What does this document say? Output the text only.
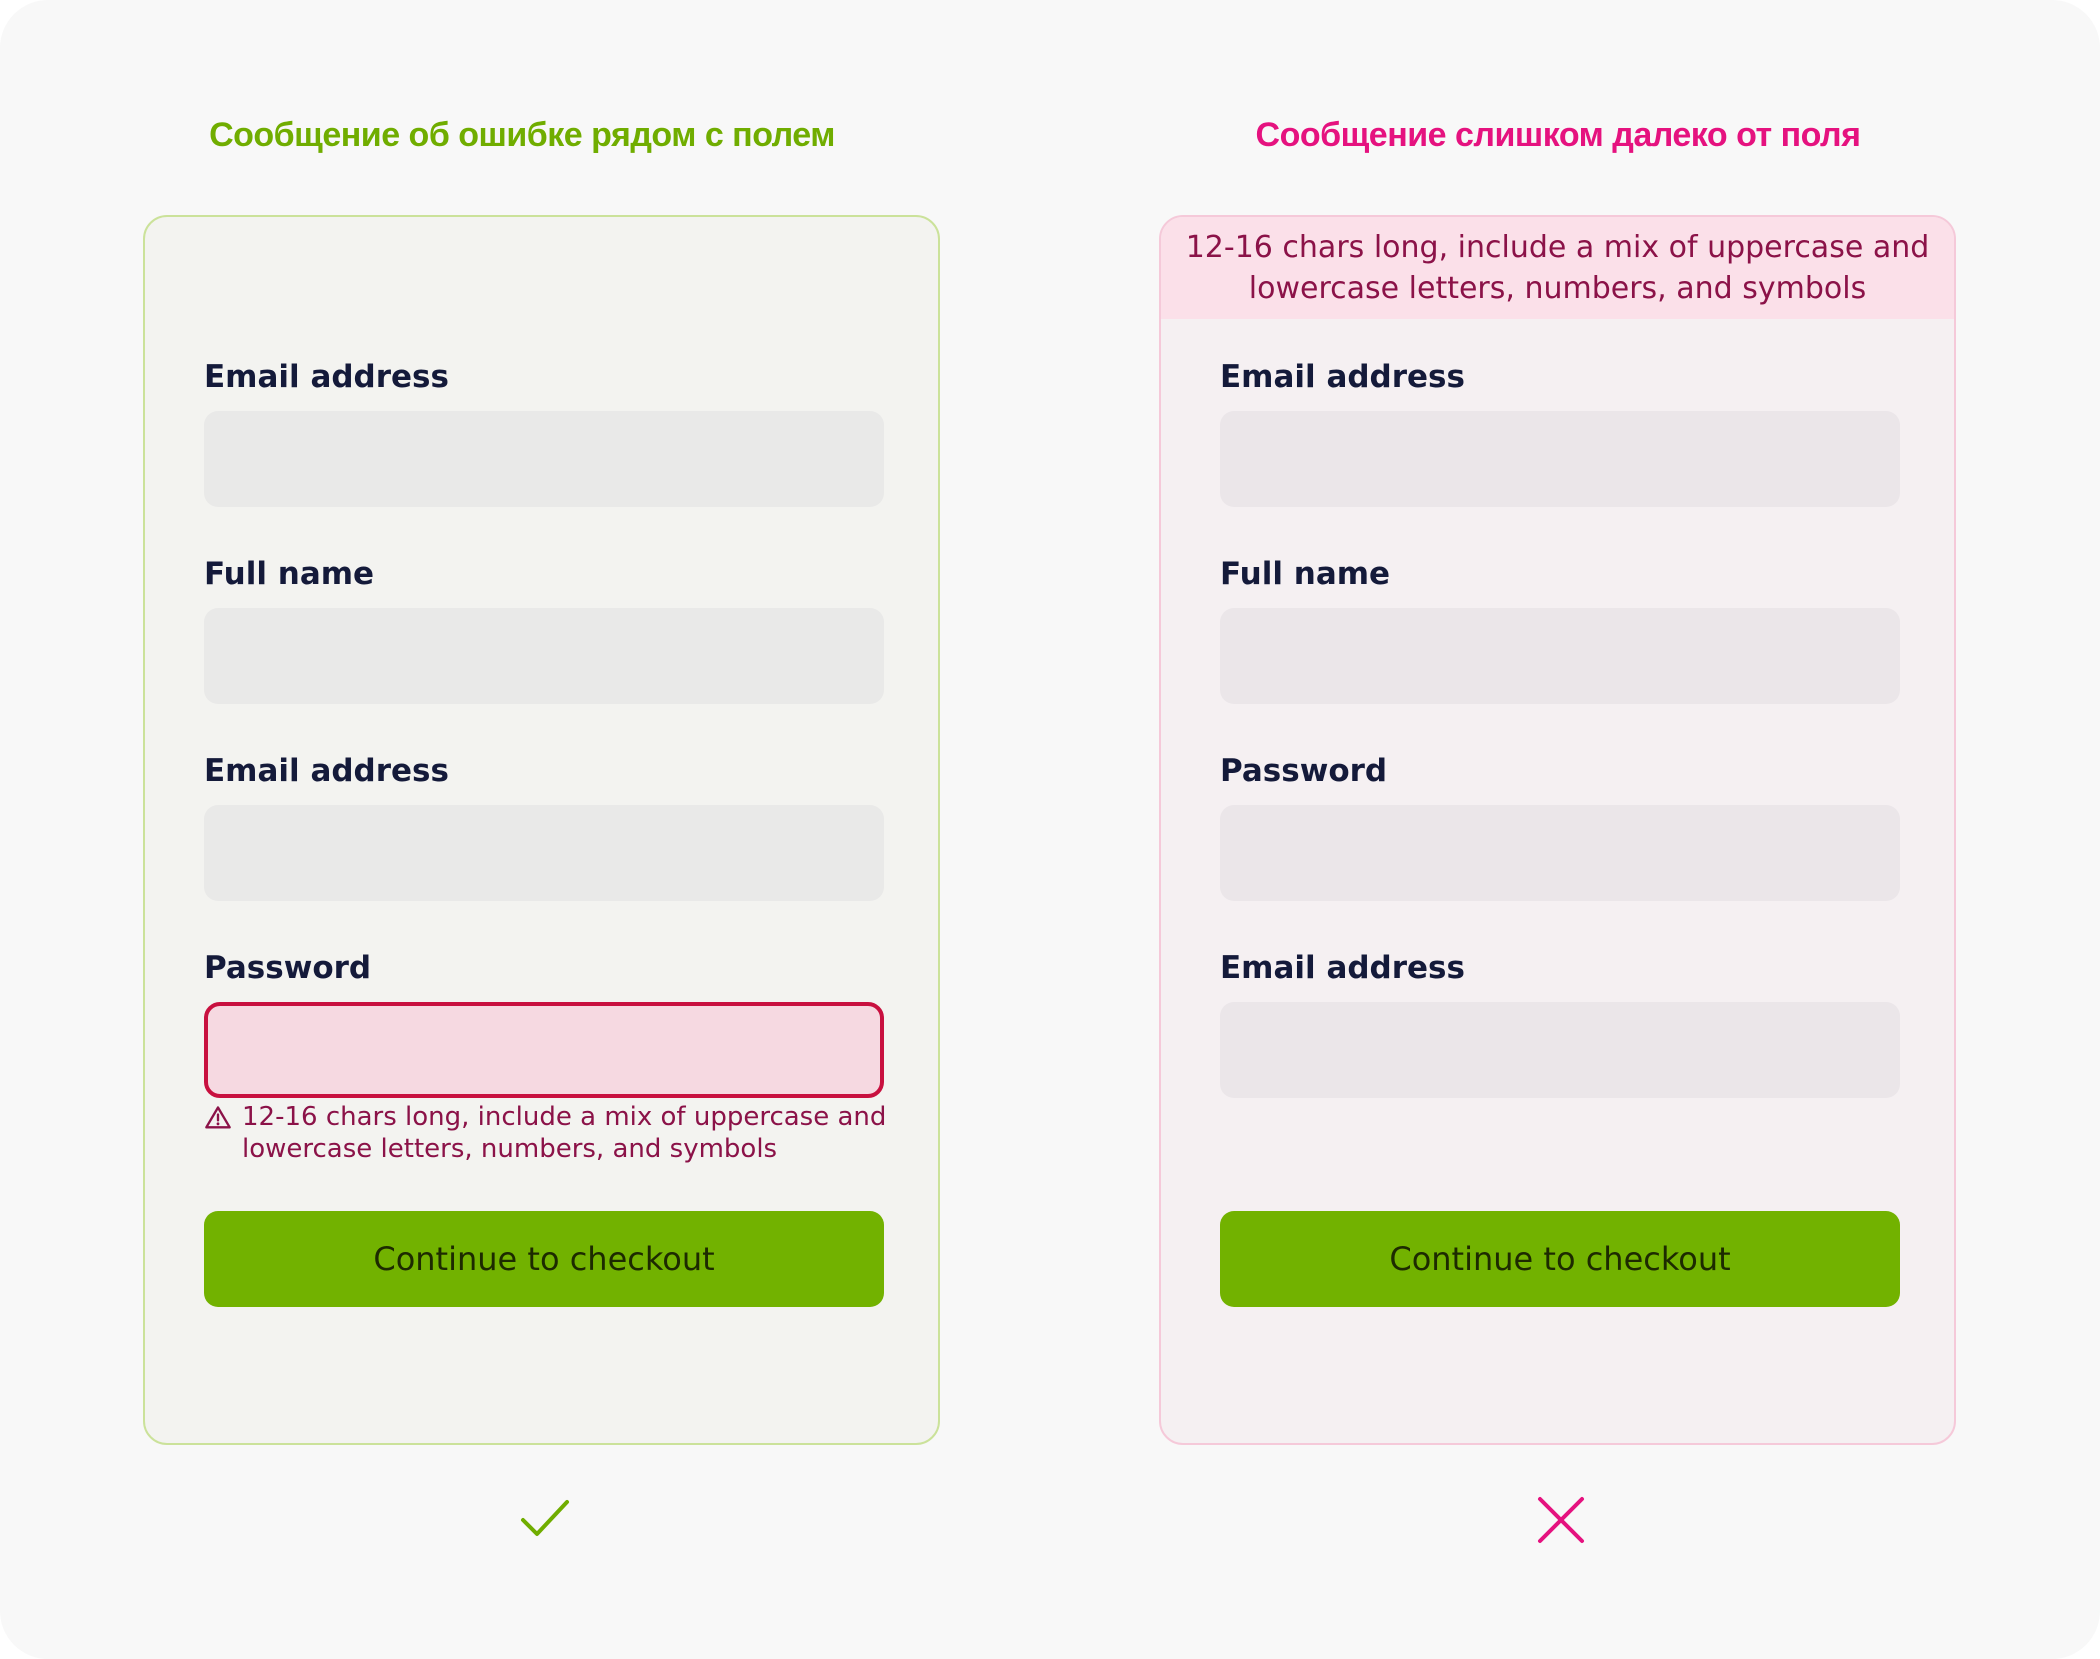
Сообщение об ошибке рядом с полем
Email address
Full name
Email address
Password
12-16 chars long, include a mix of uppercase and lowercase letters, numbers, and symbols
Continue to checkout
Сообщение слишком далеко от поля
12-16 chars long, include a mix of uppercase and lowercase letters, numbers, and symbols
Email address
Full name
Password
Email address
Continue to checkout
